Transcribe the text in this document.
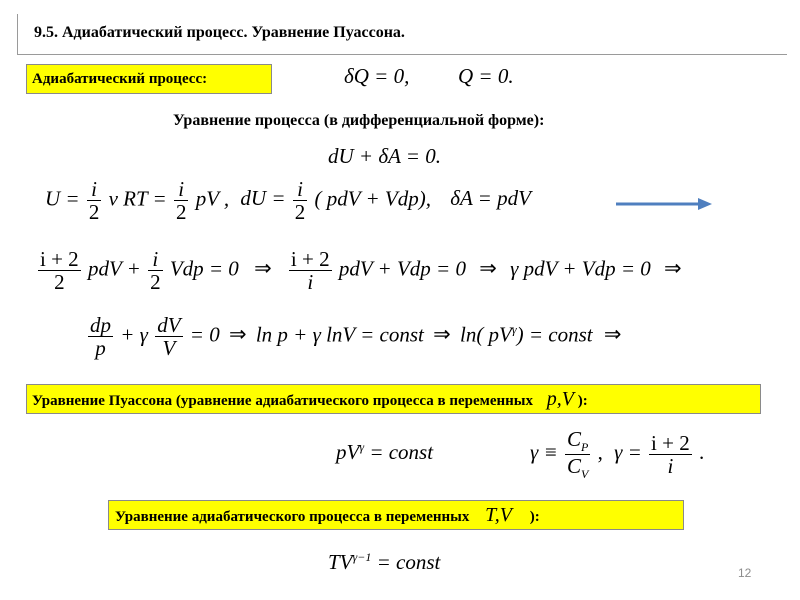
9.5. Адиабатический процесс. Уравнение Пуассона.
Адиабатический процесс:	δQ = 0, Q = 0.
Уравнение процесса (в дифференциальной форме):
dU + δA = 0.
$U = \frac{i}{2}$ ν RT = $\frac{i}{2}$ pV , dU = $\frac{i}{2}$ ( pdV + Vdp), δA = pdV
$\frac{i + 2}{2}$ pdV + $\frac{i}{2}$ Vdp = 0 ⇒ $\frac{i + 2}{i}$ pdV + Vdp = 0 ⇒ γ pdV + Vdp = 0 ⇒
$\frac{dp}{p} + \gamma \frac{dV}{V} = 0$ ⇒ ln p + γ lnV = const ⇒ ln( $pV^\gamma$) = const ⇒
Уравнение Пуассона (уравнение адиабатического процесса в переменных p,V ):
$pV^\gamma$ = const	$\gamma \equiv \frac{C_P}{C_V}$ , $\gamma = \frac{i + 2}{i}$ .
Уравнение адиабатического процесса в переменных T,V ):
$TV^{\gamma-1}$ = const	12
